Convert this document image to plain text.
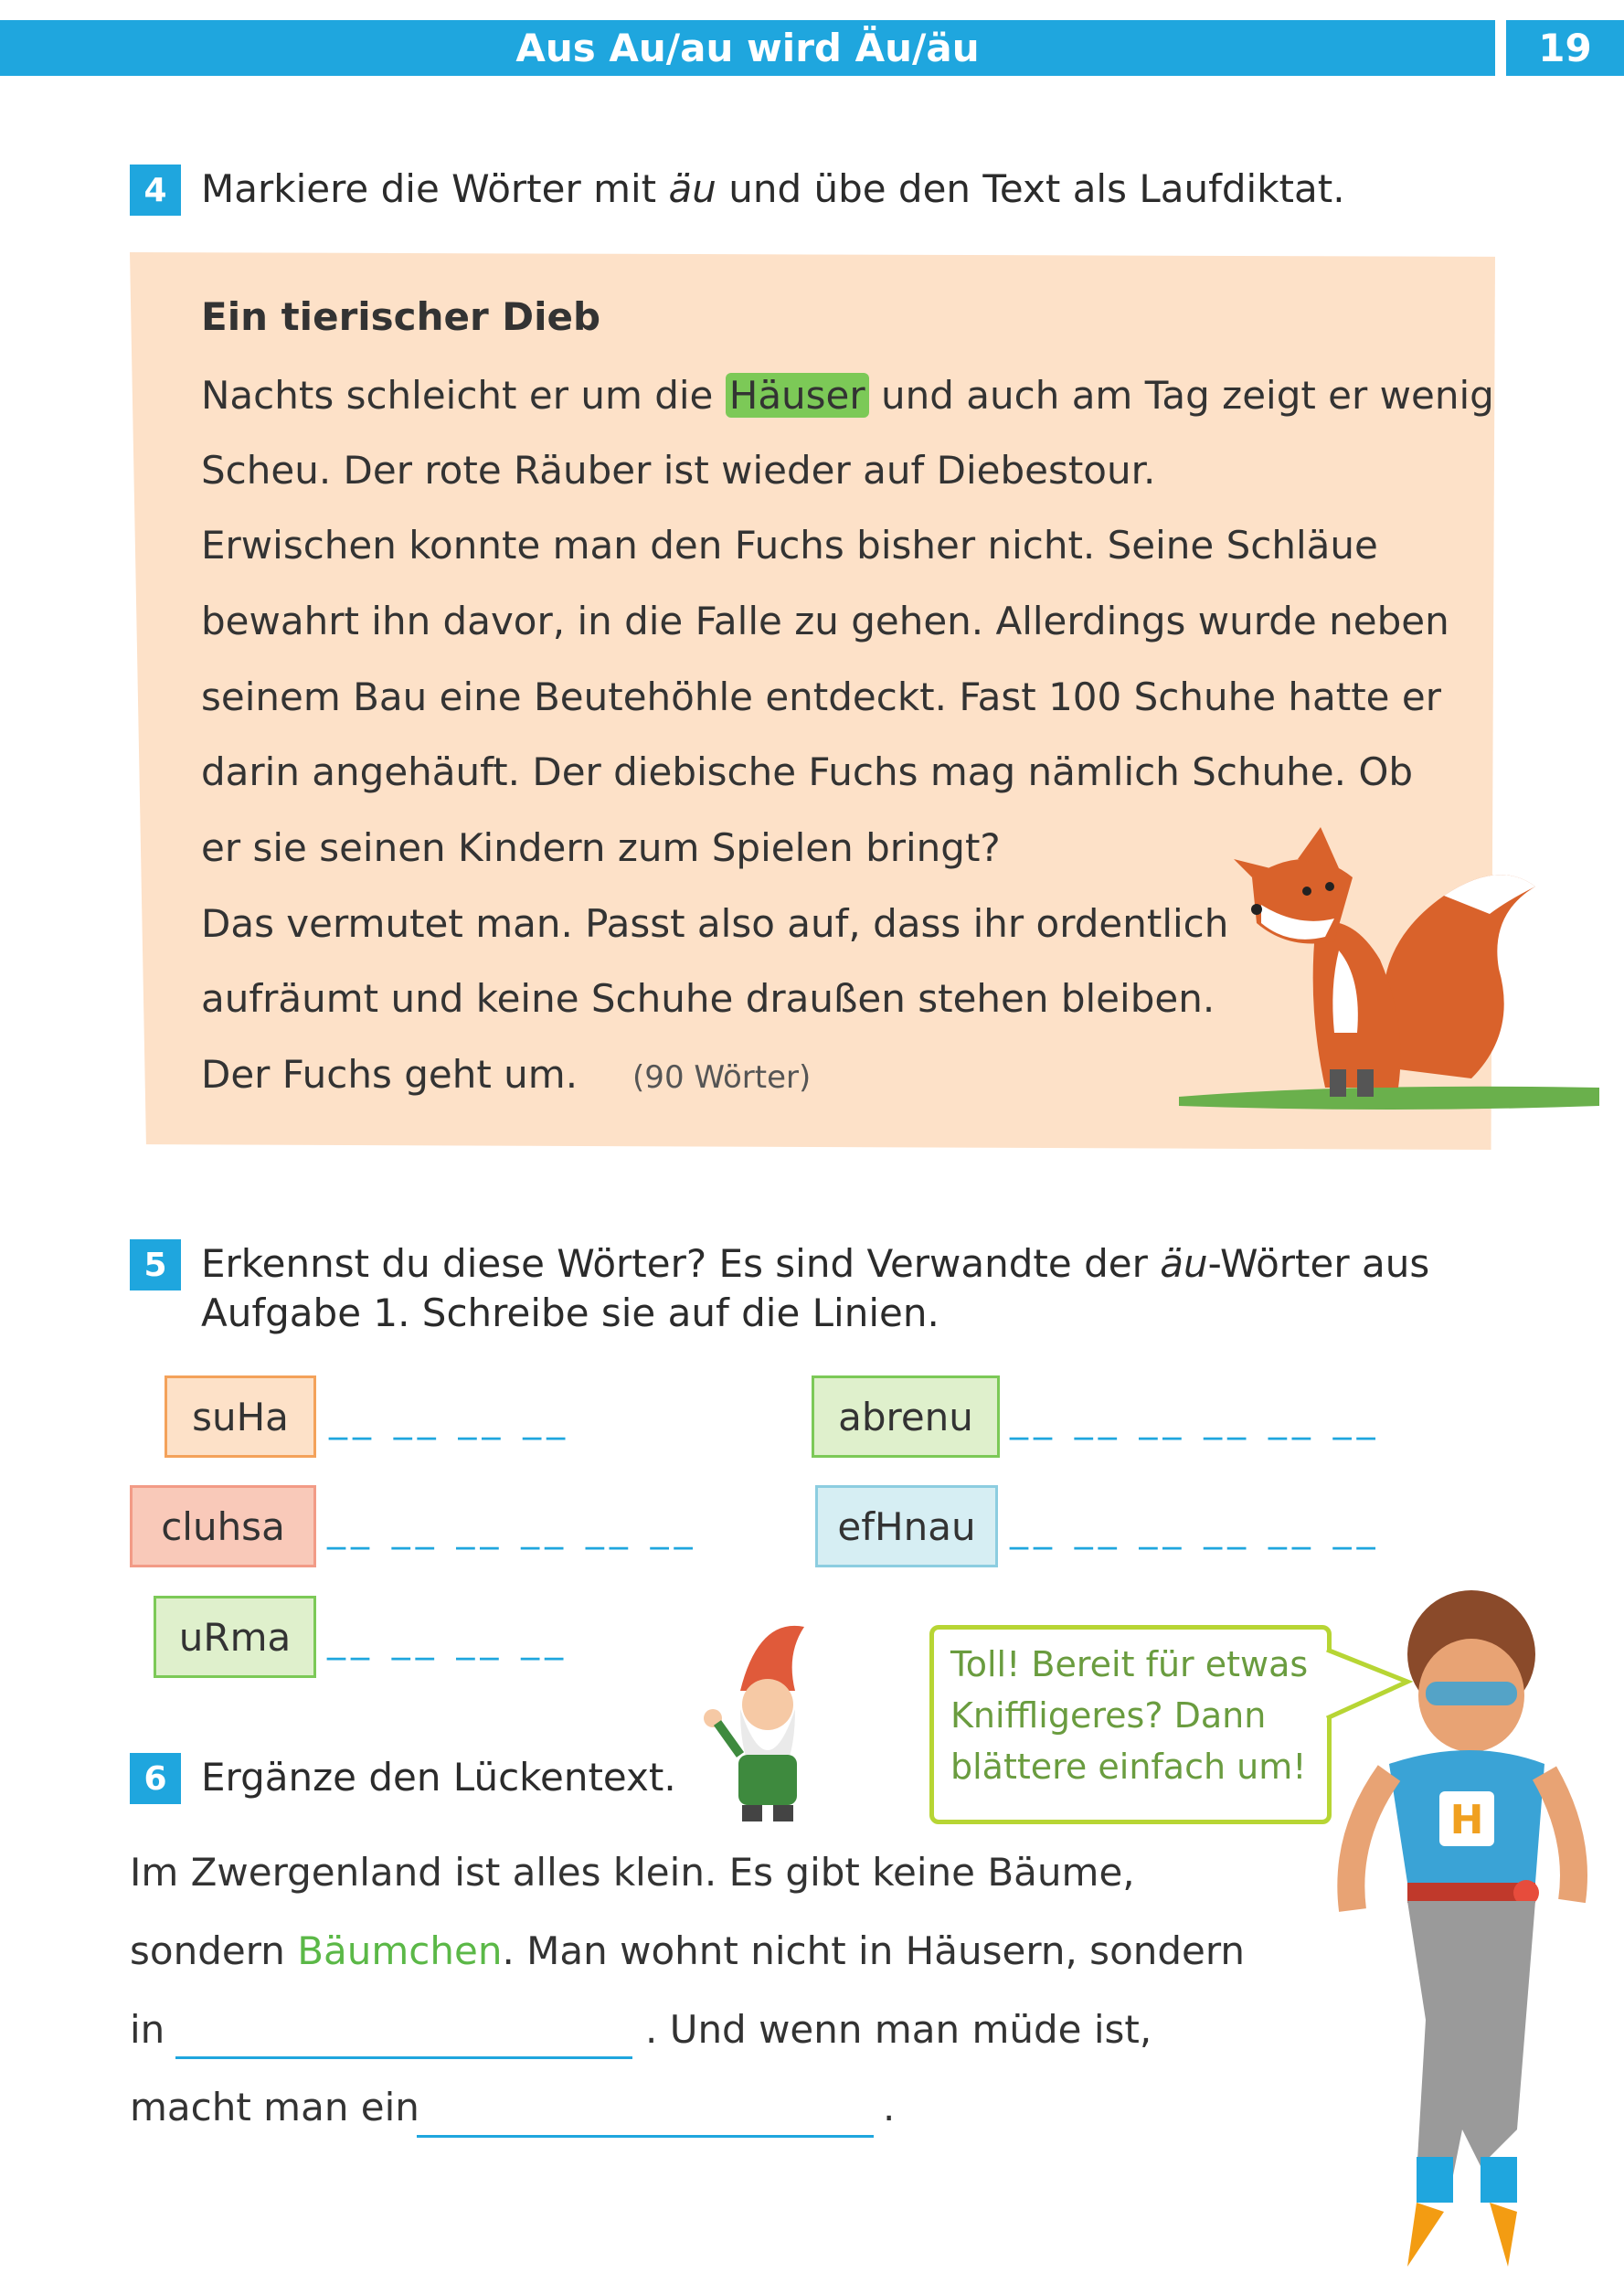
Aus Au/au wird Äu/äu	19
4 Markiere die Wörter mit äu und übe den Text als Laufdiktat.
Ein tierischer Dieb
Nachts schleicht er um die Häuser und auch am Tag zeigt er wenig
Scheu. Der rote Räuber ist wieder auf Diebestour.
Erwischen konnte man den Fuchs bisher nicht. Seine Schläue
bewahrt ihn davor, in die Falle zu gehen. Allerdings wurde neben
seinem Bau eine Beutehöhle entdeckt. Fast 100 Schuhe hatte er
darin angehäuft. Der diebische Fuchs mag nämlich Schuhe. Ob
er sie seinen Kindern zum Spielen bringt?
Das vermutet man. Passt also auf, dass ihr ordentlich
aufräumt und keine Schuhe draußen stehen bleiben.
Der Fuchs geht um. (90 Wörter)
5 Erkennst du diese Wörter? Es sind Verwandte der äu-Wörter aus
Aufgabe 1. Schreibe sie auf die Linien.
suHa	__ __ __ __	abrenu	__ __ __ __ __ __
cluhsa	__ __ __ __ __ __	efHnau __ __ __ __ __ __
uRma __ __ __ __
Toll! Bereit für etwas
Kniffligeres? Dann
blättere einfach um!
6 Ergänze den Lückentext.
Im Zwergenland ist alles klein. Es gibt keine Bäume,
sondern Bäumchen. Man wohnt nicht in Häusern, sondern
in	. Und wenn man müde ist,
macht man ein	.
H
